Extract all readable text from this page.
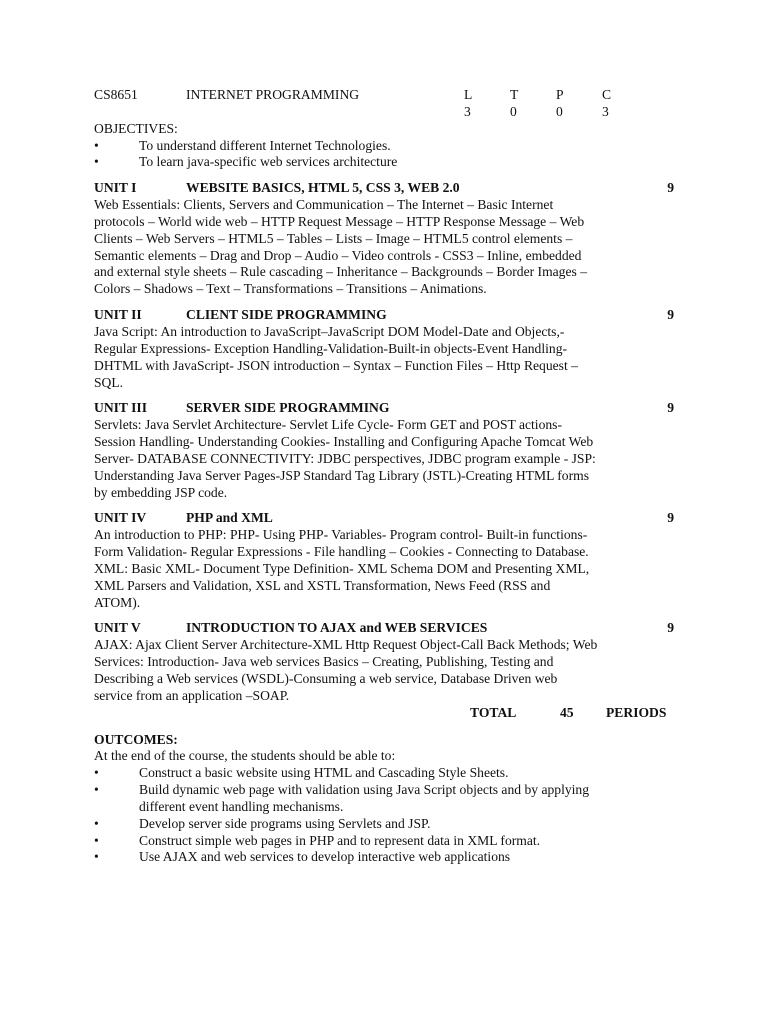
CS8651	INTERNET PROGRAMMING	L	T	P	C
3	0	0	3
OBJECTIVES:
•	To understand different Internet Technologies.
•	To learn java-specific web services architecture
UNIT I	WEBSITE BASICS, HTML 5, CSS 3, WEB 2.0	9
Web Essentials: Clients, Servers and Communication – The Internet – Basic Internet
protocols – World wide web – HTTP Request Message – HTTP Response Message – Web
Clients – Web Servers – HTML5 – Tables – Lists – Image – HTML5 control elements –
Semantic elements – Drag and Drop – Audio – Video controls - CSS3 – Inline, embedded
and external style sheets – Rule cascading – Inheritance – Backgrounds – Border Images –
Colors – Shadows – Text – Transformations – Transitions – Animations.
UNIT II	CLIENT SIDE PROGRAMMING	9
Java Script: An introduction to JavaScript–JavaScript DOM Model-Date and Objects,-
Regular Expressions- Exception Handling-Validation-Built-in objects-Event Handling-
DHTML with JavaScript- JSON introduction – Syntax – Function Files – Http Request –
SQL.
UNIT III	SERVER SIDE PROGRAMMING	9
Servlets: Java Servlet Architecture- Servlet Life Cycle- Form GET and POST actions-
Session Handling- Understanding Cookies- Installing and Configuring Apache Tomcat Web
Server- DATABASE CONNECTIVITY: JDBC perspectives, JDBC program example - JSP:
Understanding Java Server Pages-JSP Standard Tag Library (JSTL)-Creating HTML forms
by embedding JSP code.
UNIT IV	PHP and XML	9
An introduction to PHP: PHP- Using PHP- Variables- Program control- Built-in functions-
Form Validation- Regular Expressions - File handling – Cookies - Connecting to Database.
XML: Basic XML- Document Type Definition- XML Schema DOM and Presenting XML,
XML Parsers and Validation, XSL and XSTL Transformation, News Feed (RSS and
ATOM).
UNIT V	INTRODUCTION TO AJAX and WEB SERVICES	9
AJAX: Ajax Client Server Architecture-XML Http Request Object-Call Back Methods; Web
Services: Introduction- Java web services Basics – Creating, Publishing, Testing and
Describing a Web services (WSDL)-Consuming a web service, Database Driven web
service from an application –SOAP.
TOTAL	45	PERIODS
OUTCOMES:
At the end of the course, the students should be able to:
•	Construct a basic website using HTML and Cascading Style Sheets.
•	Build dynamic web page with validation using Java Script objects and by applying
different event handling mechanisms.
•	Develop server side programs using Servlets and JSP.
•	Construct simple web pages in PHP and to represent data in XML format.
•	Use AJAX and web services to develop interactive web applications
